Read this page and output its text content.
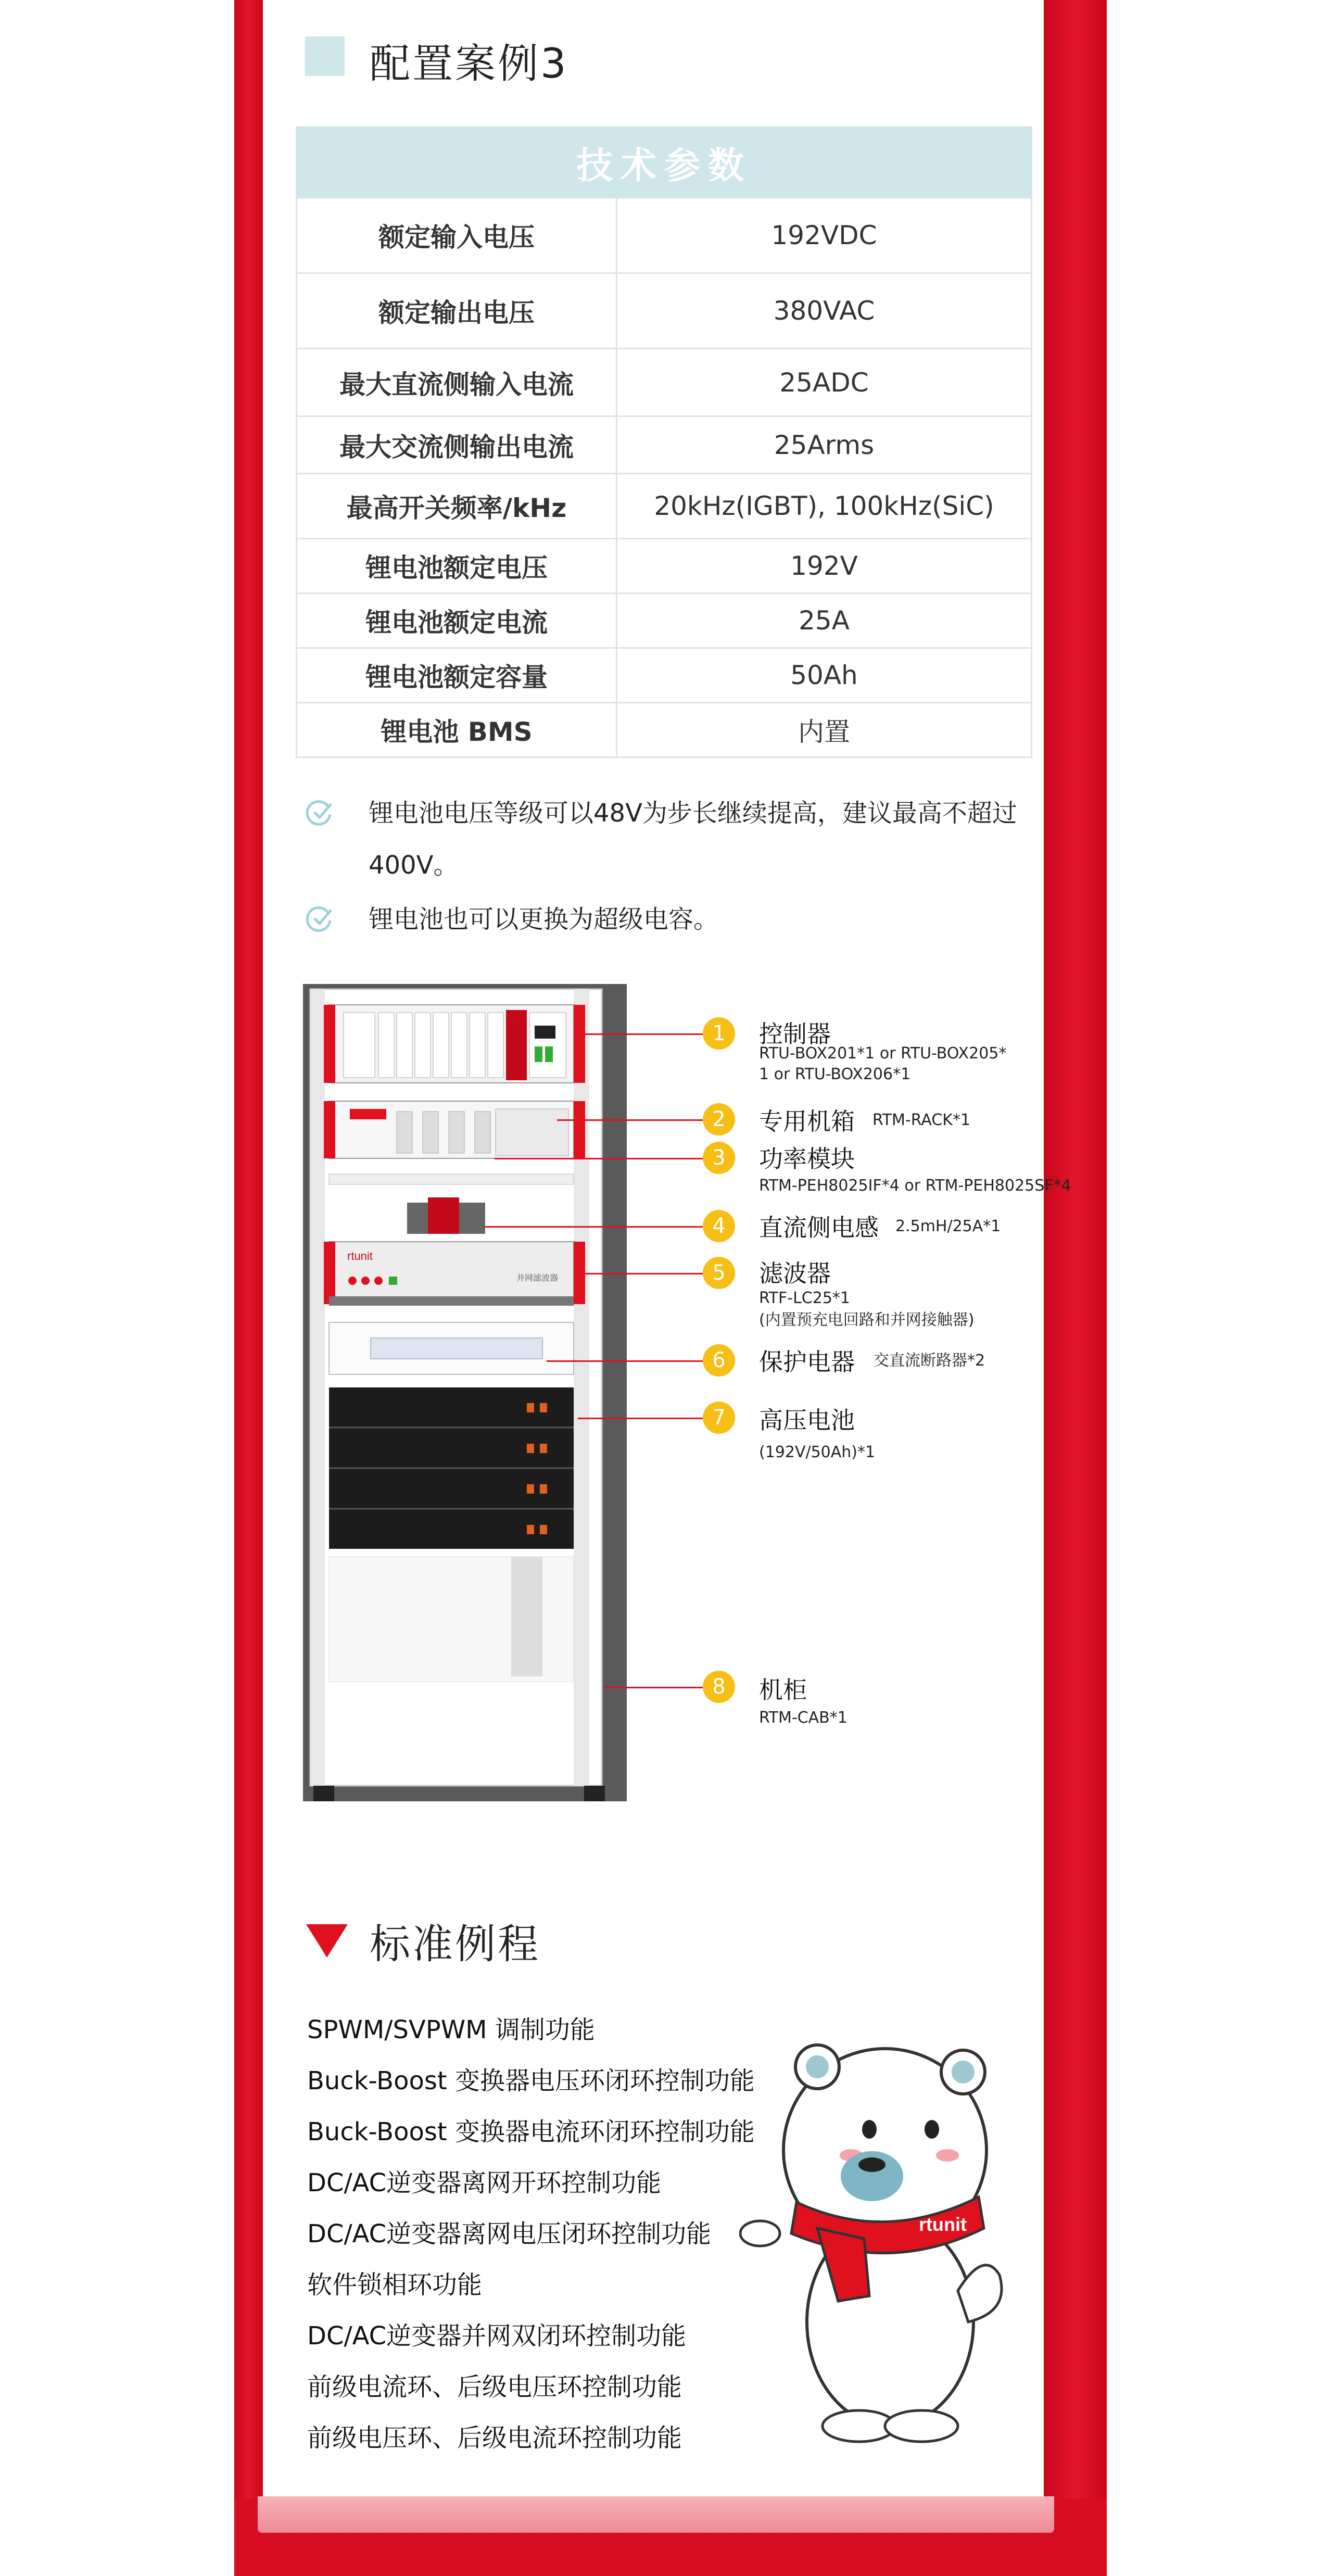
配置案例3
技术参数	
额定输入电压	192VDC
额定输出电压	380VAC
最大直流侧输入电流	25ADC
最大交流侧输出电流	25Arms
最高开关频率/kHz	20kHz(IGBT), 100kHz(SiC)
锂电池额定电压	192V
锂电池额定电流	25A
锂电池额定容量	50Ah
锂电池 BMS	内置
锂电池电压等级可以48V为步长继续提高，建议最高不超过400V。
锂电池也可以更换为超级电容。
rtunit
并网滤波器
1	控制器
RTU-BOX201*1 or RTU-BOX205*
1 or RTU-BOX206*1
2	专用机箱 RTM-RACK*1
3	功率模块
RTM-PEH8025IF*4 or RTM-PEH8025SF*4
4	直流侧电感 2.5mH/25A*1
5	滤波器
RTF-LC25*1
(内置预充电回路和并网接触器)
6	保护电器 交直流断路器*2
7	高压电池
(192V/50Ah)*1
8	机柜
RTM-CAB*1
标准例程
SPWM/SVPWM 调制功能
Buck-Boost 变换器电压环闭环控制功能
Buck-Boost 变换器电流环闭环控制功能
DC/AC逆变器离网开环控制功能
DC/AC逆变器离网电压闭环控制功能
软件锁相环功能
DC/AC逆变器并网双闭环控制功能
前级电流环、后级电压环控制功能
前级电压环、后级电流环控制功能
rtunit
